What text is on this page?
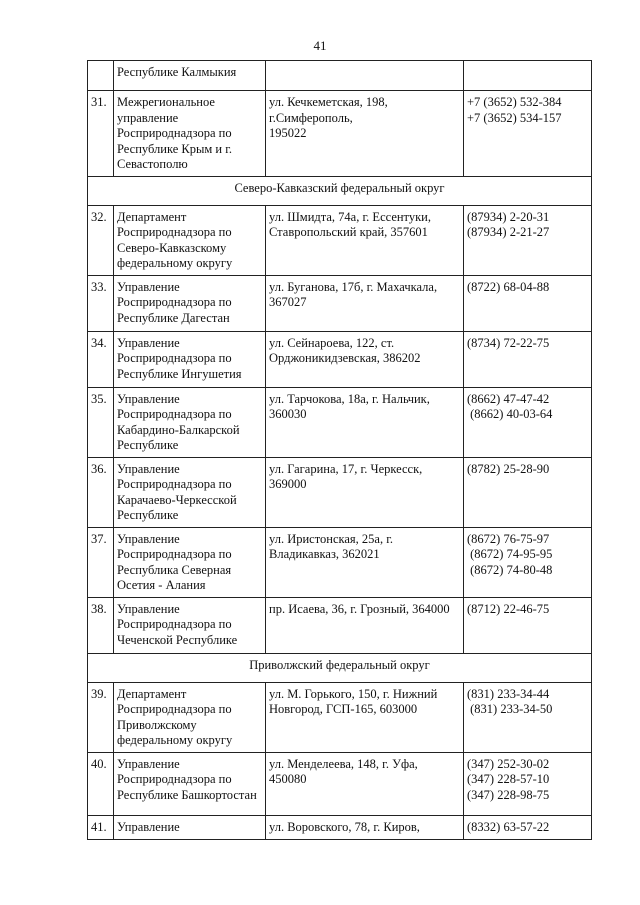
41
	Республике Калмыкия		
31.	Межрегиональное
управление
Росприроднадзора по
Республике Крым и г.
Севастополю	ул. Кечкеметская, 198,
г.Симферополь,
195022	+7 (3652) 532-384
+7 (3652) 534-157

Северо-Кавказский федеральный округ			
32.	Департамент
Росприроднадзора по
Северо-Кавказскому
федеральному округу	ул. Шмидта, 74а, г. Ессентуки,
Ставропольский край, 357601	(87934) 2-20-31
(87934) 2-21-27

33.	Управление
Росприроднадзора по
Республике Дагестан	ул. Буганова, 17б, г. Махачкала,
367027	(8722) 68-04-88

34.	Управление
Росприроднадзора по
Республике Ингушетия	ул. Сейнароева, 122, ст.
Орджоникидзевская, 386202	(8734) 72-22-75

35.	Управление
Росприроднадзора по
Кабардино-Балкарской
Республике	ул. Тарчокова, 18а, г. Нальчик,
360030	(8662) 47-47-42
(8662) 40-03-64

36.	Управление
Росприроднадзора по
Карачаево-Черкесской
Республике	ул. Гагарина, 17, г. Черкесск,
369000	(8782) 25-28-90

37.	Управление
Росприроднадзора по
Республика Северная
Осетия - Алания	ул. Иристонская, 25а, г.
Владикавказ, 362021	(8672) 76-75-97
(8672) 74-95-95
(8672) 74-80-48

38.	Управление
Росприроднадзора по
Чеченской Республике	пр. Исаева, 36, г. Грозный, 364000	(8712) 22-46-75

Приволжский федеральный округ			
39.	Департамент
Росприроднадзора по
Приволжскому
федеральному округу	ул. М. Горького, 150, г. Нижний
Новгород, ГСП-165, 603000	(831) 233-34-44
(831) 233-34-50

40.	Управление
Росприроднадзора по
Республике Башкортостан	ул. Менделеева, 148, г. Уфа,
450080	(347) 252-30-02
(347) 228-57-10
(347) 228-98-75

41.	Управление	ул. Воровского, 78, г. Киров,	(8332) 63-57-22
